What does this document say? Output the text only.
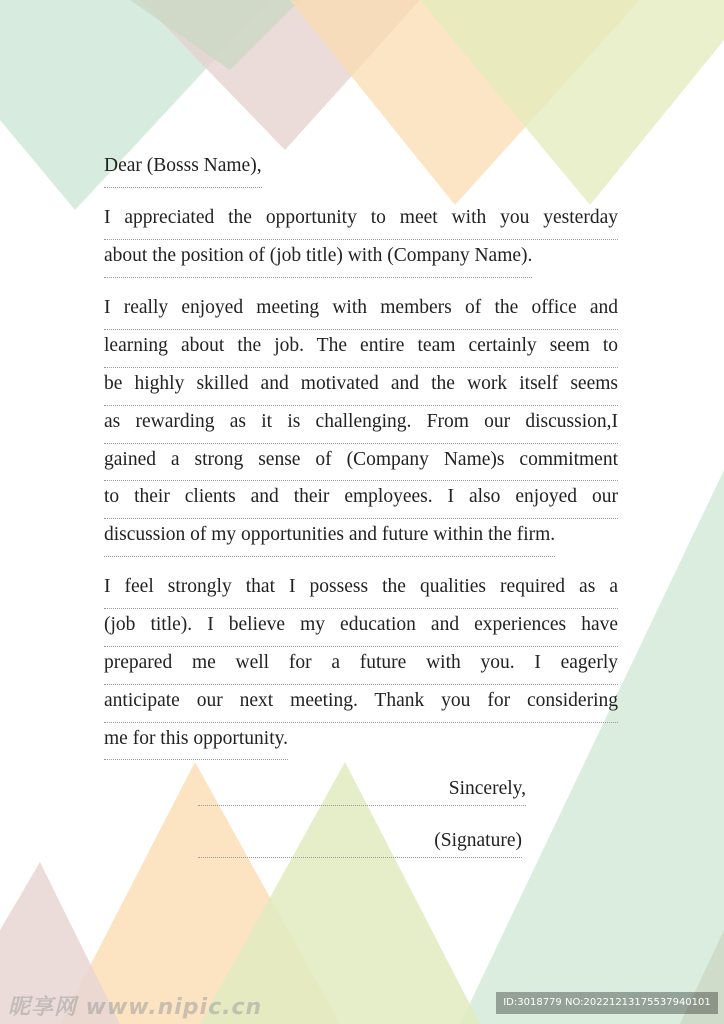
Dear (Bosss Name),
I appreciated the opportunity to meet with you yesterday
about the position of (job title) with (Company Name).
I really enjoyed meeting with members of the office and
learning about the job. The entire team certainly seem to
be highly skilled and motivated and the work itself seems
as rewarding as it is challenging. From our discussion,I
gained a strong sense of (Company Name)s commitment
to their clients and their employees. I also enjoyed our
discussion of my opportunities and future within the firm.
I feel strongly that I possess the qualities required as a
(job title). I believe my education and experiences have
prepared me well for a future with you. I eagerly
anticipate our next meeting. Thank you for considering
me for this opportunity.
Sincerely,
(Signature)
昵享网 www.nipic.cn	ID:3018779 NO:20221213175537940101
